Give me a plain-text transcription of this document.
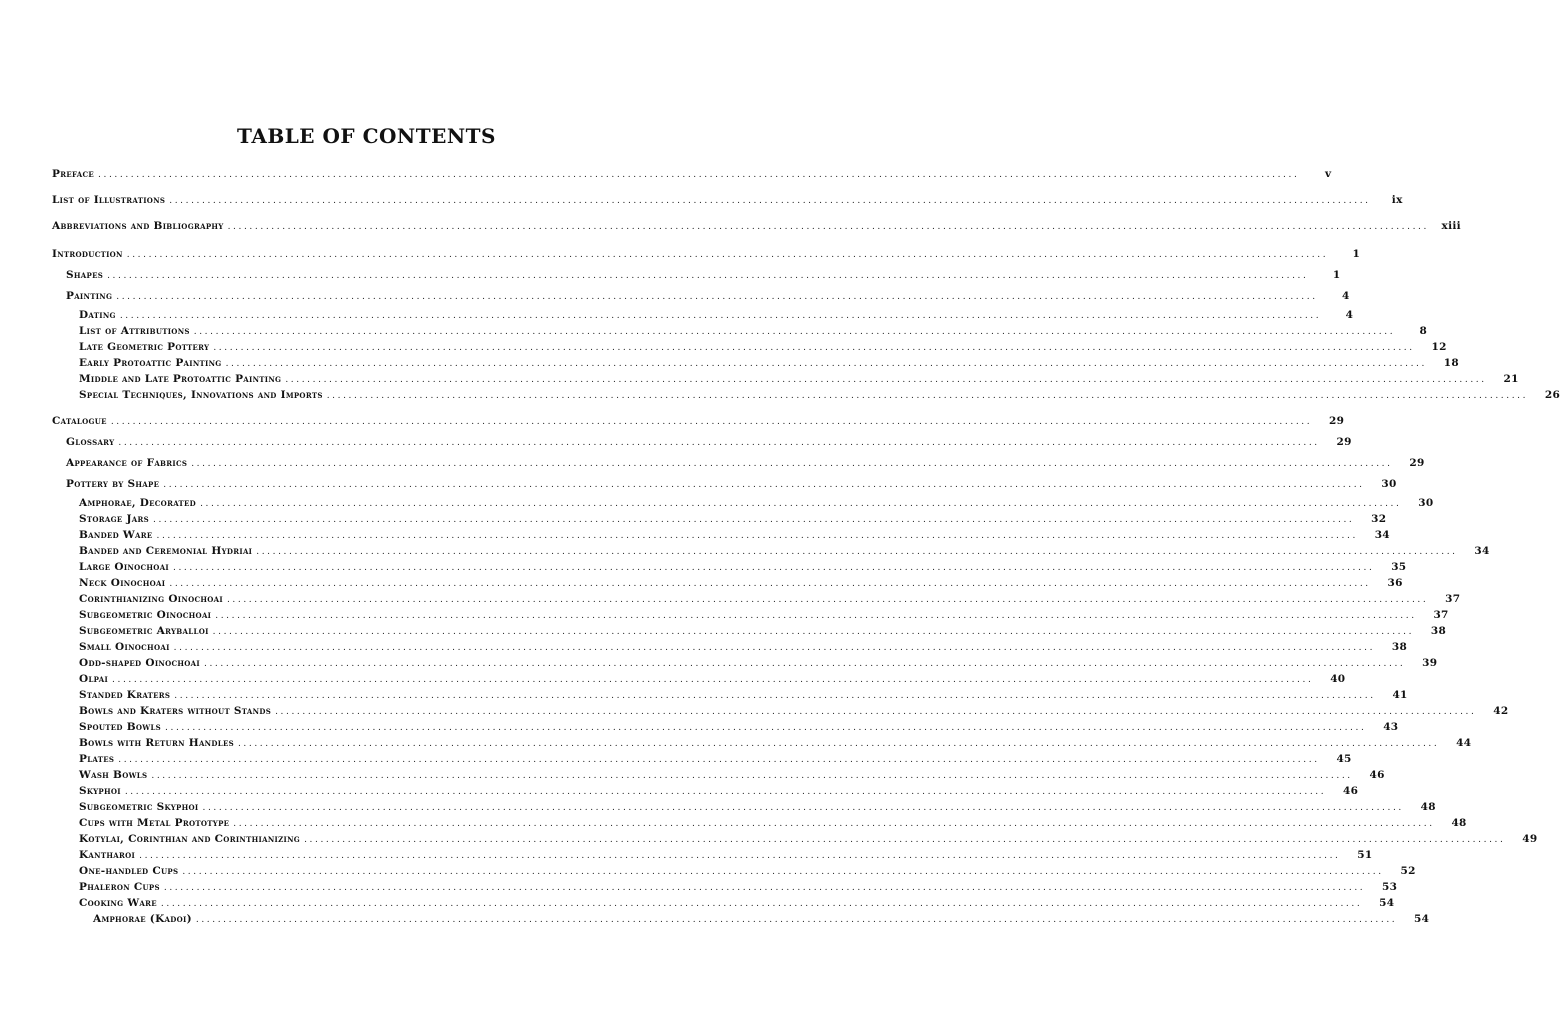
TABLE OF CONTENTS
Preface ............................................................................................................................................................................................................................	v
List of Illustrations ............................................................................................................................................................................................................................	ix
Abbreviations and Bibliography ............................................................................................................................................................................................................................	xiii
Introduction ............................................................................................................................................................................................................................	1
Shapes ............................................................................................................................................................................................................................	1
Painting ............................................................................................................................................................................................................................	4
Dating ............................................................................................................................................................................................................................	4
List of Attributions ............................................................................................................................................................................................................................	8
Late Geometric Pottery ............................................................................................................................................................................................................................	12
Early Protoattic Painting ............................................................................................................................................................................................................................	18
Middle and Late Protoattic Painting ............................................................................................................................................................................................................................	21
Special Techniques, Innovations and Imports ............................................................................................................................................................................................................................	26
Catalogue ............................................................................................................................................................................................................................	29
Glossary ............................................................................................................................................................................................................................	29
Appearance of Fabrics ............................................................................................................................................................................................................................	29
Pottery by Shape ............................................................................................................................................................................................................................	30
Amphorae, Decorated ............................................................................................................................................................................................................................	30
Storage Jars ............................................................................................................................................................................................................................	32
Banded Ware ............................................................................................................................................................................................................................	34
Banded and Ceremonial Hydriai ............................................................................................................................................................................................................................	34
Large Oinochoai ............................................................................................................................................................................................................................	35
Neck Oinochoai ............................................................................................................................................................................................................................	36
Corinthianizing Oinochoai ............................................................................................................................................................................................................................	37
Subgeometric Oinochoai ............................................................................................................................................................................................................................	37
Subgeometric Aryballoi ............................................................................................................................................................................................................................	38
Small Oinochoai ............................................................................................................................................................................................................................	38
Odd-shaped Oinochoai ............................................................................................................................................................................................................................	39
Olpai ............................................................................................................................................................................................................................	40
Standed Kraters ............................................................................................................................................................................................................................	41
Bowls and Kraters without Stands ............................................................................................................................................................................................................................	42
Spouted Bowls ............................................................................................................................................................................................................................	43
Bowls with Return Handles ............................................................................................................................................................................................................................	44
Plates ............................................................................................................................................................................................................................	45
Wash Bowls ............................................................................................................................................................................................................................	46
Skyphoi ............................................................................................................................................................................................................................	46
Subgeometric Skyphoi ............................................................................................................................................................................................................................	48
Cups with Metal Prototype ............................................................................................................................................................................................................................	48
Kotylai, Corinthian and Corinthianizing ............................................................................................................................................................................................................................	49
Kantharoi ............................................................................................................................................................................................................................	51
One-handled Cups ............................................................................................................................................................................................................................	52
Phaleron Cups ............................................................................................................................................................................................................................	53
Cooking Ware ............................................................................................................................................................................................................................	54
Amphorae (Kadoi) ............................................................................................................................................................................................................................	54
